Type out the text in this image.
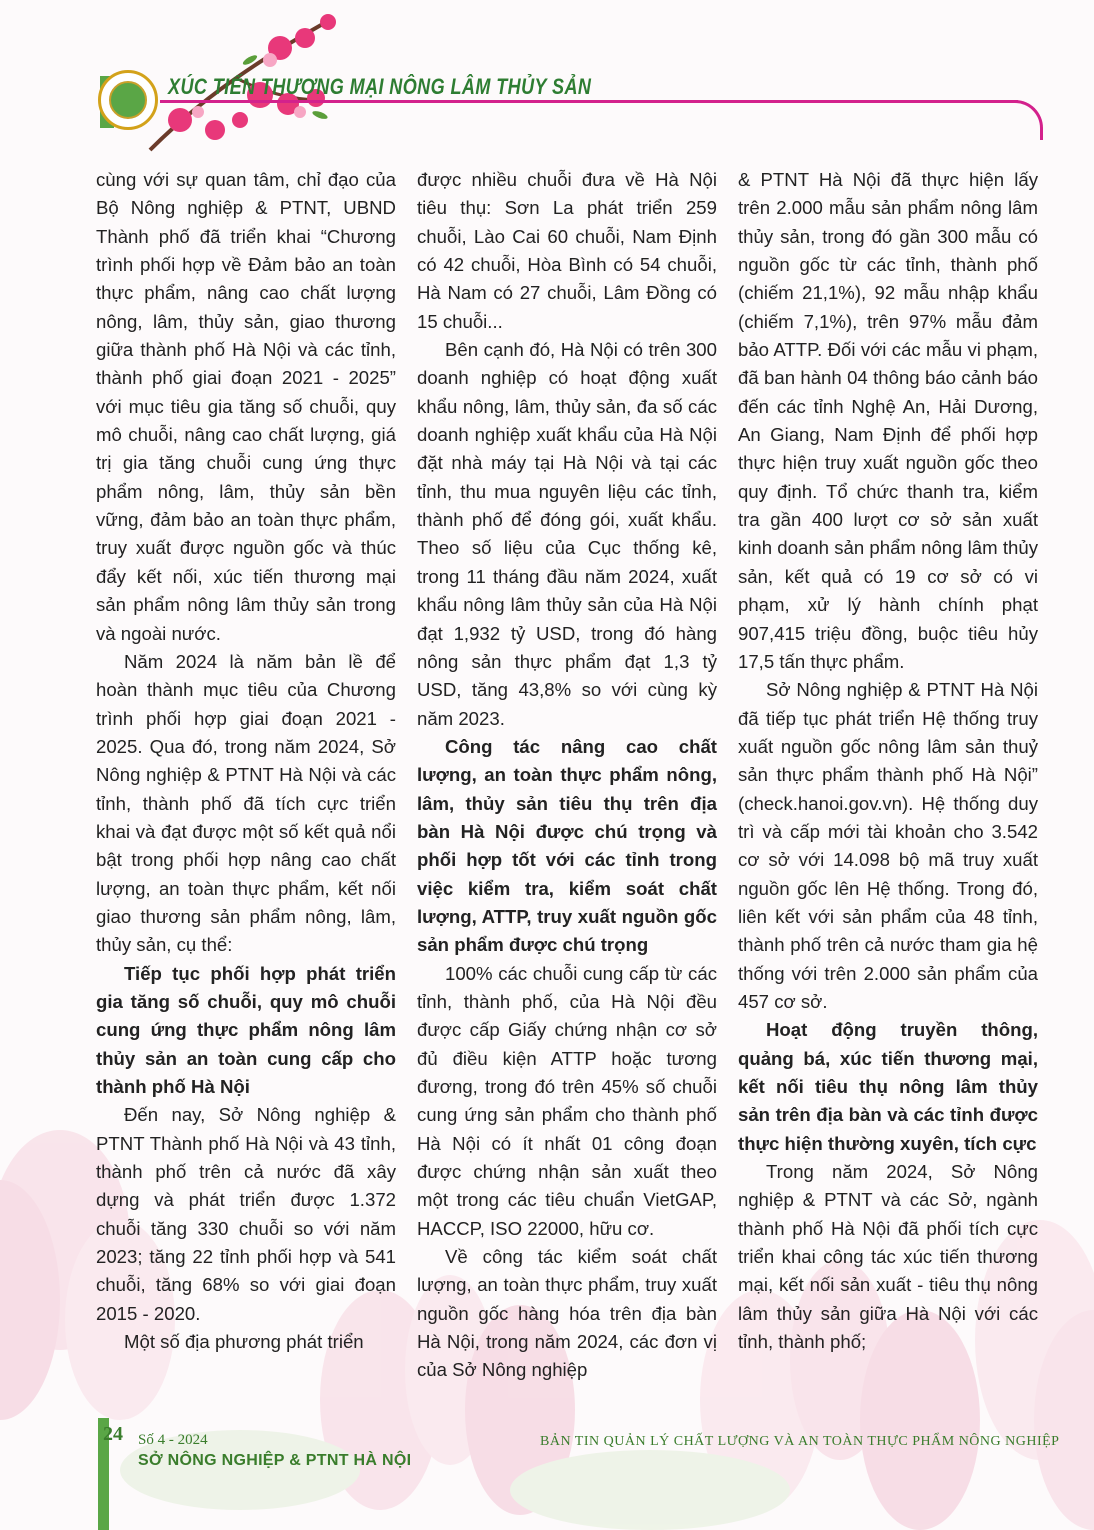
XÚC TIẾN THƯƠNG MẠI NÔNG LÂM THỦY SẢN

cùng với sự quan tâm, chỉ đạo của Bộ Nông nghiệp & PTNT, UBND Thành phố đã triển khai “Chương trình phối hợp về Đảm bảo an toàn thực phẩm, nâng cao chất lượng nông, lâm, thủy sản, giao thương giữa thành phố Hà Nội và các tỉnh, thành phố giai đoạn 2021 - 2025” với mục tiêu gia tăng số chuỗi, quy mô chuỗi, nâng cao chất lượng, giá trị gia tăng chuỗi cung ứng thực phẩm nông, lâm, thủy sản bền vững, đảm bảo an toàn thực phẩm, truy xuất được nguồn gốc và thúc đẩy kết nối, xúc tiến thương mại sản phẩm nông lâm thủy sản trong và ngoài nước.

Năm 2024 là năm bản lề để hoàn thành mục tiêu của Chương trình phối hợp giai đoạn 2021 - 2025. Qua đó, trong năm 2024, Sở Nông nghiệp & PTNT Hà Nội và các tỉnh, thành phố đã tích cực triển khai và đạt được một số kết quả nổi bật trong phối hợp nâng cao chất lượng, an toàn thực phẩm, kết nối giao thương sản phẩm nông, lâm, thủy sản, cụ thể:

Tiếp tục phối hợp phát triển gia tăng số chuỗi, quy mô chuỗi cung ứng thực phẩm nông lâm thủy sản an toàn cung cấp cho thành phố Hà Nội

Đến nay, Sở Nông nghiệp & PTNT Thành phố Hà Nội và 43 tỉnh, thành phố trên cả nước đã xây dựng và phát triển được 1.372 chuỗi tăng 330 chuỗi so với năm 2023; tăng 22 tỉnh phối hợp và 541 chuỗi, tăng 68% so với giai đoạn 2015 - 2020.

Một số địa phương phát triển

được nhiều chuỗi đưa về Hà Nội tiêu thụ: Sơn La phát triển 259 chuỗi, Lào Cai 60 chuỗi, Nam Định có 42 chuỗi, Hòa Bình có 54 chuỗi, Hà Nam có 27 chuỗi, Lâm Đồng có 15 chuỗi...

Bên cạnh đó, Hà Nội có trên 300 doanh nghiệp có hoạt động xuất khẩu nông, lâm, thủy sản, đa số các doanh nghiệp xuất khẩu của Hà Nội đặt nhà máy tại Hà Nội và tại các tỉnh, thu mua nguyên liệu các tỉnh, thành phố để đóng gói, xuất khẩu. Theo số liệu của Cục thống kê, trong 11 tháng đầu năm 2024, xuất khẩu nông lâm thủy sản của Hà Nội đạt 1,932 tỷ USD, trong đó hàng nông sản thực phẩm đạt 1,3 tỷ USD, tăng 43,8% so với cùng kỳ năm 2023.

Công tác nâng cao chất lượng, an toàn thực phẩm nông, lâm, thủy sản tiêu thụ trên địa bàn Hà Nội được chú trọng và phối hợp tốt với các tỉnh trong việc kiểm tra, kiểm soát chất lượng, ATTP, truy xuất nguồn gốc sản phẩm được chú trọng

100% các chuỗi cung cấp từ các tỉnh, thành phố, của Hà Nội đều được cấp Giấy chứng nhận cơ sở đủ điều kiện ATTP hoặc tương đương, trong đó trên 45% số chuỗi cung ứng sản phẩm cho thành phố Hà Nội có ít nhất 01 công đoạn được chứng nhận sản xuất theo một trong các tiêu chuẩn VietGAP, HACCP, ISO 22000, hữu cơ.

Về công tác kiểm soát chất lượng, an toàn thực phẩm, truy xuất nguồn gốc hàng hóa trên địa bàn Hà Nội, trong năm 2024, các đơn vị của Sở Nông nghiệp

& PTNT Hà Nội đã thực hiện lấy trên 2.000 mẫu sản phẩm nông lâm thủy sản, trong đó gần 300 mẫu có nguồn gốc từ các tỉnh, thành phố (chiếm 21,1%), 92 mẫu nhập khẩu (chiếm 7,1%), trên 97% mẫu đảm bảo ATTP. Đối với các mẫu vi phạm, đã ban hành 04 thông báo cảnh báo đến các tỉnh Nghệ An, Hải Dương, An Giang, Nam Định để phối hợp thực hiện truy xuất nguồn gốc theo quy định. Tổ chức thanh tra, kiểm tra gần 400 lượt cơ sở sản xuất kinh doanh sản phẩm nông lâm thủy sản, kết quả có 19 cơ sở có vi phạm, xử lý hành chính phạt 907,415 triệu đồng, buộc tiêu hủy 17,5 tấn thực phẩm.

Sở Nông nghiệp & PTNT Hà Nội đã tiếp tục phát triển Hệ thống truy xuất nguồn gốc nông lâm sản thuỷ sản thực phẩm thành phố Hà Nội” (check.hanoi.gov.vn). Hệ thống duy trì và cấp mới tài khoản cho 3.542 cơ sở với 14.098 bộ mã truy xuất nguồn gốc lên Hệ thống. Trong đó, liên kết với sản phẩm của 48 tỉnh, thành phố trên cả nước tham gia hệ thống với trên 2.000 sản phẩm của 457 cơ sở.

Hoạt động truyền thông, quảng bá, xúc tiến thương mại, kết nối tiêu thụ nông lâm thủy sản trên địa bàn và các tỉnh được thực hiện thường xuyên, tích cực

Trong năm 2024, Sở Nông nghiệp & PTNT và các Sở, ngành thành phố Hà Nội đã phối tích cực triển khai công tác xúc tiến thương mại, kết nối sản xuất - tiêu thụ nông lâm thủy sản giữa Hà Nội với các tỉnh, thành phố;

24 Số 4 - 2024
SỞ NÔNG NGHIỆP & PTNT HÀ NỘI
BẢN TIN QUẢN LÝ CHẤT LƯỢNG VÀ AN TOÀN THỰC PHẨM NÔNG NGHIỆP
